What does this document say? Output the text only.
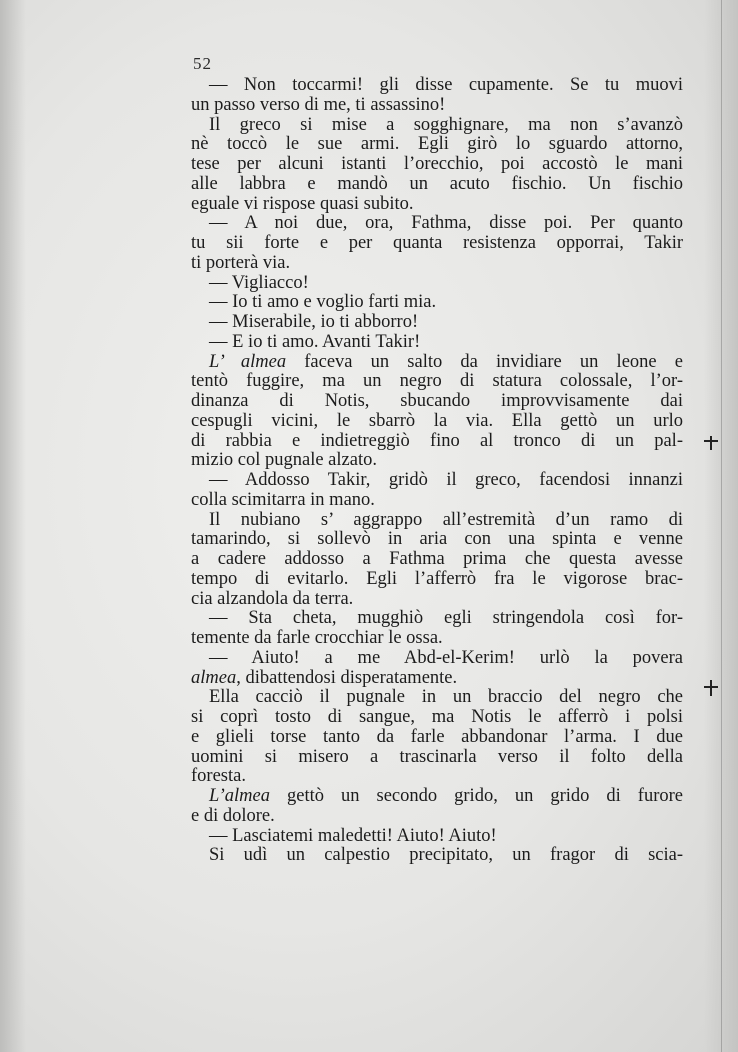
52
— Non toccarmi! gli disse cupamente. Se tu muovi
un passo verso di me, ti assassino!
Il greco si mise a sogghignare, ma non s’avanzò
nè toccò le sue armi. Egli girò lo sguardo attorno,
tese per alcuni istanti l’orecchio, poi accostò le mani
alle labbra e mandò un acuto fischio. Un fischio
eguale vi rispose quasi subito.
— A noi due, ora, Fathma, disse poi. Per quanto
tu sii forte e per quanta resistenza opporrai, Takir
ti porterà via.
— Vigliacco!
— Io ti amo e voglio farti mia.
— Miserabile, io ti abborro!
— E io ti amo. Avanti Takir!
L’ almea faceva un salto da invidiare un leone e
tentò fuggire, ma un negro di statura colossale, l’or-
dinanza di Notis, sbucando improvvisamente dai
cespugli vicini, le sbarrò la via. Ella gettò un urlo
di rabbia e indietreggiò fino al tronco di un pal-
mizio col pugnale alzato.
— Addosso Takir, gridò il greco, facendosi innanzi
colla scimitarra in mano.
Il nubiano s’ aggrappo all’estremità d’un ramo di
tamarindo, si sollevò in aria con una spinta e venne
a cadere addosso a Fathma prima che questa avesse
tempo di evitarlo. Egli l’afferrò fra le vigorose brac-
cia alzandola da terra.
— Sta cheta, mugghiò egli stringendola così for-
temente da farle crocchiar le ossa.
— Aiuto! a me Abd-el-Kerim! urlò la povera
almea, dibattendosi disperatamente.
Ella cacciò il pugnale in un braccio del negro che
si coprì tosto di sangue, ma Notis le afferrò i polsi
e glieli torse tanto da farle abbandonar l’arma. I due
uomini si misero a trascinarla verso il folto della
foresta.
L’almea gettò un secondo grido, un grido di furore
e di dolore.
— Lasciatemi maledetti! Aiuto! Aiuto!
Si udì un calpestio precipitato, un fragor di scia-
